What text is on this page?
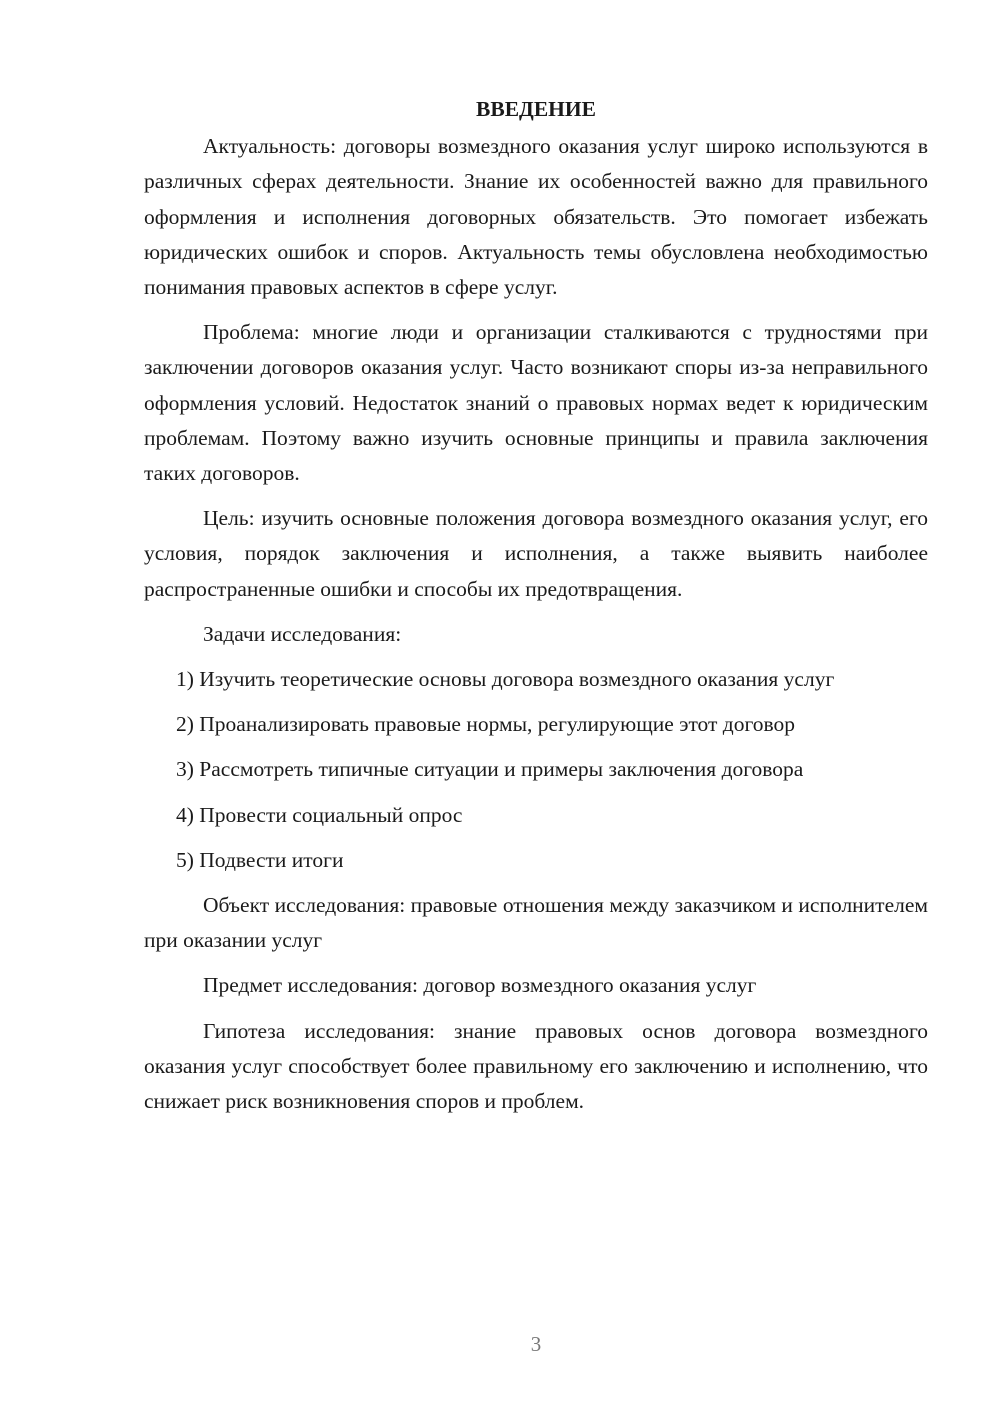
ВВЕДЕНИЕ
Актуальность: договоры возмездного оказания услуг широко используются в различных сферах деятельности. Знание их особенностей важно для правильного оформления и исполнения договорных обязательств. Это помогает избежать юридических ошибок и споров. Актуальность темы обусловлена необходимостью понимания правовых аспектов в сфере услуг.
Проблема: многие люди и организации сталкиваются с трудностями при заключении договоров оказания услуг. Часто возникают споры из-за неправильного оформления условий. Недостаток знаний о правовых нормах ведет к юридическим проблемам. Поэтому важно изучить основные принципы и правила заключения таких договоров.
Цель: изучить основные положения договора возмездного оказания услуг, его условия, порядок заключения и исполнения, а также выявить наиболее распространенные ошибки и способы их предотвращения.
Задачи исследования:
1) Изучить теоретические основы договора возмездного оказания услуг
2) Проанализировать правовые нормы, регулирующие этот договор
3) Рассмотреть типичные ситуации и примеры заключения договора
4) Провести социальный опрос
5) Подвести итоги
Объект исследования: правовые отношения между заказчиком и исполнителем при оказании услуг
Предмет исследования: договор возмездного оказания услуг
Гипотеза исследования: знание правовых основ договора возмездного оказания услуг способствует более правильному его заключению и исполнению, что снижает риск возникновения споров и проблем.
3
